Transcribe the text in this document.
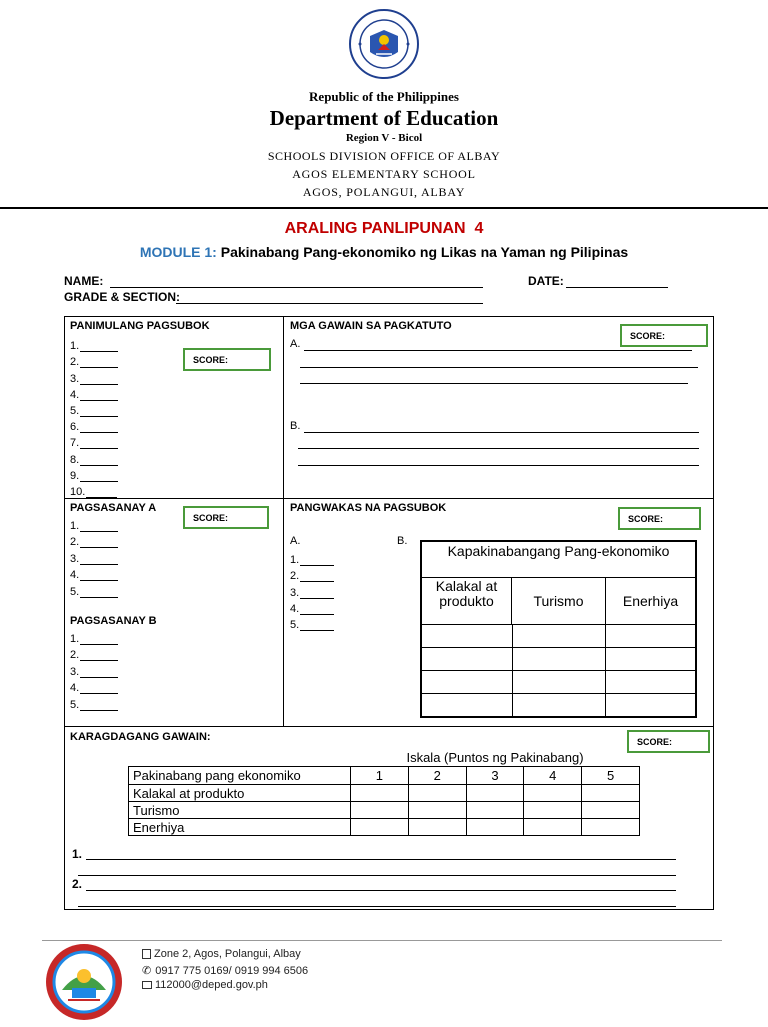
Republic of the Philippines
Department of Education
Region V - Bicol
SCHOOLS DIVISION OFFICE OF ALBAY
AGOS ELEMENTARY SCHOOL
AGOS, POLANGUI, ALBAY
ARALING PANLIPUNAN  4
MODULE 1: Pakinabang Pang-ekonomiko ng Likas na Yaman ng Pilipinas
NAME:	DATE:
GRADE & SECTION:
PANIMULANG PAGSUBOK
1.
2.
3.
4.
5.
6.
7.
8.
9.
10.
SCORE:
MGA GAWAIN SA PAGKATUTO
SCORE:
A.
B.
PAGSASANAY A
SCORE:
1.
2.
3.
4.
5.
PAGSASANAY B
1.
2.
3.
4.
5.
PANGWAKAS NA PAGSUBOK
SCORE:
A.	B.
1.
2.
3.
4.
5.
Kapakinabangang Pang-ekonomiko
Kalakal at produkto	Turismo	Enerhiya
KARAGDAGANG GAWAIN:	SCORE:
Iskala (Puntos ng Pakinabang)
Pakinabang pang ekonomiko	1	2	3	4	5
Kalakal at produkto					
Turismo					
Enerhiya					
1.
2.
Zone 2, Agos, Polangui, Albay
✆ 0917 775 0169/ 0919 994 6506
112000@deped.gov.ph
